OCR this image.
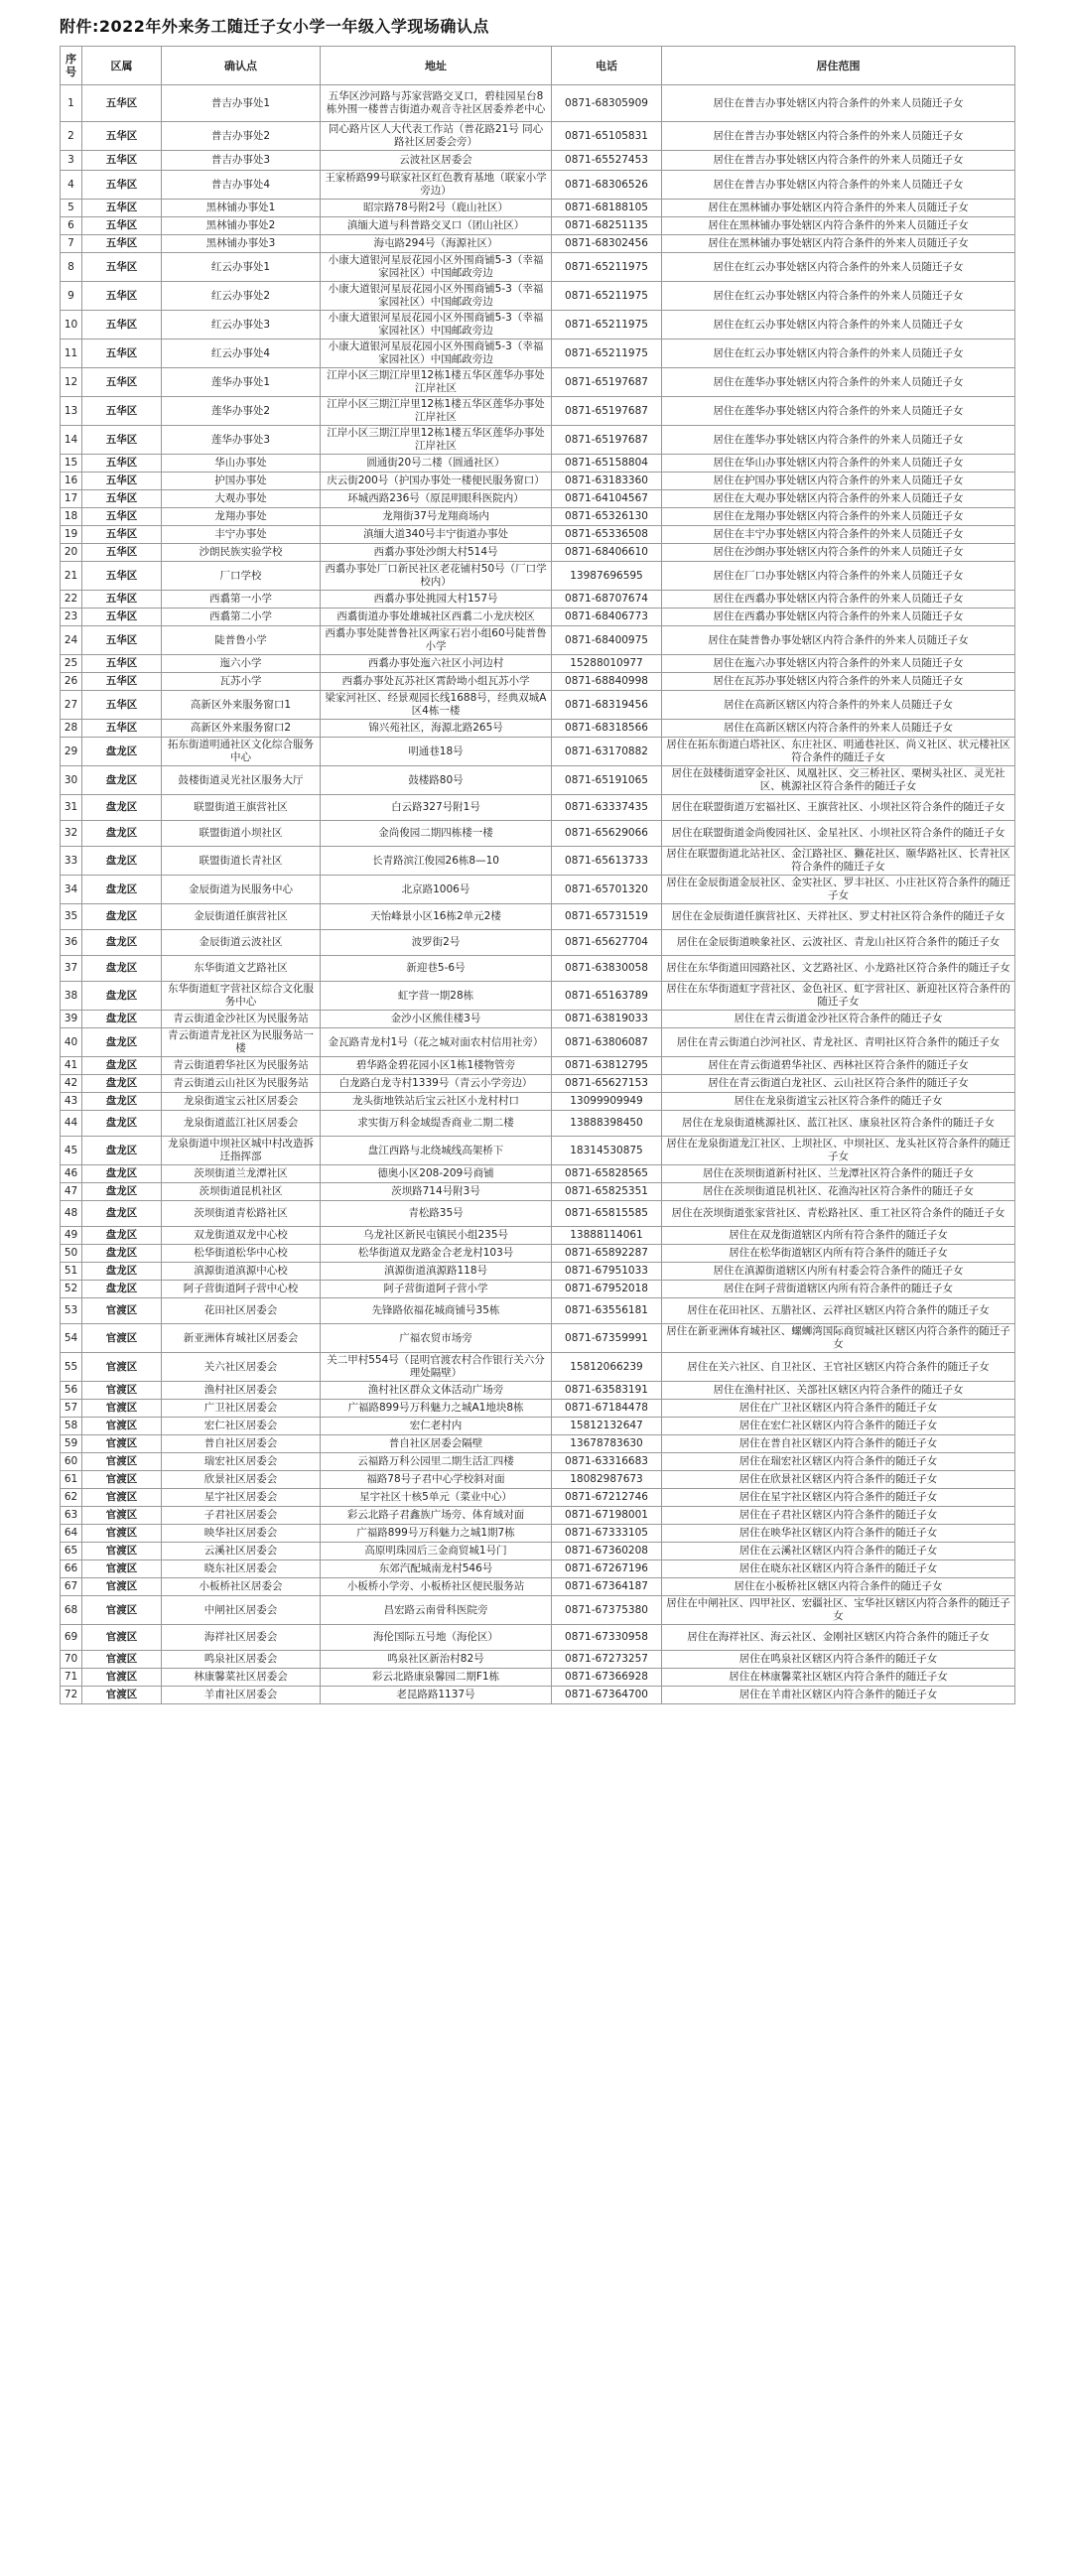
附件:2022年外来务工随迁子女小学一年级入学现场确认点
序号	区属	确认点	地址	电话	居住范围
1	五华区	普吉办事处1	五华区沙河路与苏家营路交叉口，碧桂园星台8栋外围一楼普吉街道办观音寺社区居委养老中心	0871-68305909	居住在普吉办事处辖区内符合条件的外来人员随迁子女
2	五华区	普吉办事处2	同心路片区人大代表工作站（普花路21号 同心路社区居委会旁）	0871-65105831	居住在普吉办事处辖区内符合条件的外来人员随迁子女
3	五华区	普吉办事处3	云波社区居委会	0871-65527453	居住在普吉办事处辖区内符合条件的外来人员随迁子女
4	五华区	普吉办事处4	王家桥路99号联家社区红色教育基地（联家小学旁边）	0871-68306526	居住在普吉办事处辖区内符合条件的外来人员随迁子女
5	五华区	黑林铺办事处1	昭宗路78号附2号（鹿山社区）	0871-68188105	居住在黑林铺办事处辖区内符合条件的外来人员随迁子女
6	五华区	黑林铺办事处2	滇缅大道与科普路交叉口（团山社区）	0871-68251135	居住在黑林铺办事处辖区内符合条件的外来人员随迁子女
7	五华区	黑林铺办事处3	海屯路294号（海源社区）	0871-68302456	居住在黑林铺办事处辖区内符合条件的外来人员随迁子女
8	五华区	红云办事处1	小康大道银河星辰花园小区外围商铺5-3（幸福家园社区）中国邮政旁边	0871-65211975	居住在红云办事处辖区内符合条件的外来人员随迁子女
9	五华区	红云办事处2	小康大道银河星辰花园小区外围商铺5-3（幸福家园社区）中国邮政旁边	0871-65211975	居住在红云办事处辖区内符合条件的外来人员随迁子女
10	五华区	红云办事处3	小康大道银河星辰花园小区外围商铺5-3（幸福家园社区）中国邮政旁边	0871-65211975	居住在红云办事处辖区内符合条件的外来人员随迁子女
11	五华区	红云办事处4	小康大道银河星辰花园小区外围商铺5-3（幸福家园社区）中国邮政旁边	0871-65211975	居住在红云办事处辖区内符合条件的外来人员随迁子女
12	五华区	莲华办事处1	江岸小区三期江岸里12栋1楼五华区莲华办事处江岸社区	0871-65197687	居住在莲华办事处辖区内符合条件的外来人员随迁子女
13	五华区	莲华办事处2	江岸小区三期江岸里12栋1楼五华区莲华办事处江岸社区	0871-65197687	居住在莲华办事处辖区内符合条件的外来人员随迁子女
14	五华区	莲华办事处3	江岸小区三期江岸里12栋1楼五华区莲华办事处江岸社区	0871-65197687	居住在莲华办事处辖区内符合条件的外来人员随迁子女
15	五华区	华山办事处	圆通街20号二楼（圆通社区）	0871-65158804	居住在华山办事处辖区内符合条件的外来人员随迁子女
16	五华区	护国办事处	庆云街200号（护国办事处一楼便民服务窗口）	0871-63183360	居住在护国办事处辖区内符合条件的外来人员随迁子女
17	五华区	大观办事处	环城西路236号（原昆明眼科医院内）	0871-64104567	居住在大观办事处辖区内符合条件的外来人员随迁子女
18	五华区	龙翔办事处	龙翔街37号龙翔商场内	0871-65326130	居住在龙翔办事处辖区内符合条件的外来人员随迁子女
19	五华区	丰宁办事处	滇缅大道340号丰宁街道办事处	0871-65336508	居住在丰宁办事处辖区内符合条件的外来人员随迁子女
20	五华区	沙朗民族实验学校	西翥办事处沙朗大村514号	0871-68406610	居住在沙朗办事处辖区内符合条件的外来人员随迁子女
21	五华区	厂口学校	西翥办事处厂口新民社区老花铺村50号（厂口学校内）	13987696595	居住在厂口办事处辖区内符合条件的外来人员随迁子女
22	五华区	西翥第一小学	西翥办事处挑园大村157号	0871-68707674	居住在西翥办事处辖区内符合条件的外来人员随迁子女
23	五华区	西翥第二小学	西翥街道办事处雄城社区西翥二小龙庆校区	0871-68406773	居住在西翥办事处辖区内符合条件的外来人员随迁子女
24	五华区	陡普鲁小学	西翥办事处陡普鲁社区两家石岩小组60号陡普鲁小学	0871-68400975	居住在陡普鲁办事处辖区内符合条件的外来人员随迁子女
25	五华区	迤六小学	西翥办事处迤六社区小河边村	15288010977	居住在迤六办事处辖区内符合条件的外来人员随迁子女
26	五华区	瓦苏小学	西翥办事处瓦苏社区霄龄坳小组瓦苏小学	0871-68840998	居住在瓦苏办事处辖区内符合条件的外来人员随迁子女
27	五华区	高新区外来服务窗口1	梁家河社区、经景观园长线1688号，经典双城A区4栋一楼	0871-68319456	居住在高新区辖区内符合条件的外来人员随迁子女
28	五华区	高新区外来服务窗口2	锦兴苑社区，海源北路265号	0871-68318566	居住在高新区辖区内符合条件的外来人员随迁子女
29	盘龙区	拓东街道明通社区文化综合服务中心	明通巷18号	0871-63170882	居住在拓东街道白塔社区、东庄社区、明通巷社区、尚义社区、状元楼社区符合条件的随迁子女
30	盘龙区	鼓楼街道灵光社区服务大厅	鼓楼路80号	0871-65191065	居住在鼓楼街道穿金社区、凤凰社区、交三桥社区、栗树头社区、灵光社区、桃源社区符合条件的随迁子女
31	盘龙区	联盟街道王旗营社区	白云路327号附1号	0871-63337435	居住在联盟街道万宏福社区、王旗营社区、小坝社区符合条件的随迁子女
32	盘龙区	联盟街道小坝社区	金尚俊园二期四栋楼一楼	0871-65629066	居住在联盟街道金尚俊园社区、金星社区、小坝社区符合条件的随迁子女
33	盘龙区	联盟街道长青社区	长青路滨江俊园26栋8—10	0871-65613733	居住在联盟街道北站社区、金江路社区、獭花社区、颐华路社区、长青社区符合条件的随迁子女
34	盘龙区	金辰街道为民服务中心	北京路1006号	0871-65701320	居住在金辰街道金辰社区、金实社区、罗丰社区、小庄社区符合条件的随迁子女
35	盘龙区	金辰街道任旗营社区	天怡峰景小区16栋2单元2楼	0871-65731519	居住在金辰街道任旗营社区、天祥社区、罗丈村社区符合条件的随迁子女
36	盘龙区	金辰街道云波社区	波罗街2号	0871-65627704	居住在金辰街道映象社区、云波社区、青龙山社区符合条件的随迁子女
37	盘龙区	东华街道文艺路社区	新迎巷5-6号	0871-63830058	居住在东华街道田园路社区、文艺路社区、小龙路社区符合条件的随迁子女
38	盘龙区	东华街道虹字营社区综合文化服务中心	虹字营一期28栋	0871-65163789	居住在东华街道虹字营社区、金色社区、虹字营社区、新迎社区符合条件的随迁子女
39	盘龙区	青云街道金沙社区为民服务站	金沙小区熊佳楼3号	0871-63819033	居住在青云街道金沙社区符合条件的随迁子女
40	盘龙区	青云街道青龙社区为民服务站一楼	金瓦路青龙村1号（花之城对面农村信用社旁）	0871-63806087	居住在青云街道白沙河社区、青龙社区、青明社区符合条件的随迁子女
41	盘龙区	青云街道碧华社区为民服务站	碧华路金碧花园小区1栋1楼物管旁	0871-63812795	居住在青云街道碧华社区、西林社区符合条件的随迁子女
42	盘龙区	青云街道云山社区为民服务站	白龙路白龙寺村1339号（青云小学旁边）	0871-65627153	居住在青云街道白龙社区、云山社区符合条件的随迁子女
43	盘龙区	龙泉街道宝云社区居委会	龙头街地铁站后宝云社区小龙村村口	13099909949	居住在龙泉街道宝云社区符合条件的随迁子女
44	盘龙区	龙泉街道蓝江社区居委会	求实街万科金域缇香商业二期二楼	13888398450	居住在龙泉街道桃源社区、蓝江社区、康泉社区符合条件的随迁子女
45	盘龙区	龙泉街道中坝社区城中村改造拆迁指挥部	盘江西路与北绕城线高架桥下	18314530875	居住在龙泉街道龙江社区、上坝社区、中坝社区、龙头社区符合条件的随迁子女
46	盘龙区	茨坝街道兰龙潭社区	德奥小区208-209号商铺	0871-65828565	居住在茨坝街道新村社区、兰龙潭社区符合条件的随迁子女
47	盘龙区	茨坝街道昆机社区	茨坝路714号附3号	0871-65825351	居住在茨坝街道昆机社区、花渔沟社区符合条件的随迁子女
48	盘龙区	茨坝街道青松路社区	青松路35号	0871-65815585	居住在茨坝街道张家营社区、青松路社区、重工社区符合条件的随迁子女
49	盘龙区	双龙街道双龙中心校	乌龙社区新民屯镇民小组235号	13888114061	居住在双龙街道辖区内所有符合条件的随迁子女
50	盘龙区	松华街道松华中心校	松华街道双龙路金合老龙村103号	0871-65892287	居住在松华街道辖区内所有符合条件的随迁子女
51	盘龙区	滇源街道滇源中心校	滇源街道滇源路118号	0871-67951033	居住在滇源街道辖区内所有村委会符合条件的随迁子女
52	盘龙区	阿子营街道阿子营中心校	阿子营街道阿子营小学	0871-67952018	居住在阿子营街道辖区内所有符合条件的随迁子女
53	官渡区	花田社区居委会	先锋路依福花城商铺号35栋	0871-63556181	居住在花田社区、五腊社区、云祥社区辖区内符合条件的随迁子女
54	官渡区	新亚洲体育城社区居委会	广福农贸市场旁	0871-67359991	居住在新亚洲体育城社区、螺蛳湾国际商贸城社区辖区内符合条件的随迁子女
55	官渡区	关六社区居委会	关二甲村554号（昆明官渡农村合作银行关六分理处隔壁）	15812066239	居住在关六社区、自卫社区、王官社区辖区内符合条件的随迁子女
56	官渡区	渔村社区居委会	渔村社区群众文体活动广场旁	0871-63583191	居住在渔村社区、关部社区辖区内符合条件的随迁子女
57	官渡区	广卫社区居委会	广福路899号万科魅力之城A1地块8栋	0871-67184478	居住在广卫社区辖区内符合条件的随迁子女
58	官渡区	宏仁社区居委会	宏仁老村内	15812132647	居住在宏仁社区辖区内符合条件的随迁子女
59	官渡区	普自社区居委会	普自社区居委会隔壁	13678783630	居住在普自社区辖区内符合条件的随迁子女
60	官渡区	瑞宏社区居委会	云福路万科公园里二期生活汇四楼	0871-63316683	居住在瑞宏社区辖区内符合条件的随迁子女
61	官渡区	欣景社区居委会	福路78号子君中心学校斜对面	18082987673	居住在欣景社区辖区内符合条件的随迁子女
62	官渡区	星宇社区居委会	星宇社区十核5单元（菜业中心）	0871-67212746	居住在星宇社区辖区内符合条件的随迁子女
63	官渡区	子君社区居委会	彩云北路子君鑫族广场旁、体育域对面	0871-67198001	居住在子君社区辖区内符合条件的随迁子女
64	官渡区	映华社区居委会	广福路899号万科魅力之城1期7栋	0871-67333105	居住在映华社区辖区内符合条件的随迁子女
65	官渡区	云溪社区居委会	高原明珠园后三金商贸城1号门	0871-67360208	居住在云溪社区辖区内符合条件的随迁子女
66	官渡区	晓东社区居委会	东郊汽配城南龙村546号	0871-67267196	居住在晓东社区辖区内符合条件的随迁子女
67	官渡区	小板桥社区居委会	小板桥小学旁、小板桥社区便民服务站	0871-67364187	居住在小板桥社区辖区内符合条件的随迁子女
68	官渡区	中闸社区居委会	昌宏路云南骨科医院旁	0871-67375380	居住在中闸社区、四甲社区、宏疆社区、宝华社区辖区内符合条件的随迁子女
69	官渡区	海祥社区居委会	海伦国际五号地（海伦区）	0871-67330958	居住在海祥社区、海云社区、金刚社区辖区内符合条件的随迁子女
70	官渡区	鸣泉社区居委会	鸣泉社区新治村82号	0871-67273257	居住在鸣泉社区辖区内符合条件的随迁子女
71	官渡区	林康馨菜社区居委会	彩云北路康泉馨园二期F1栋	0871-67366928	居住在林康馨菜社区辖区内符合条件的随迁子女
72	官渡区	羊甫社区居委会	老昆路路1137号	0871-67364700	居住在羊甫社区辖区内符合条件的随迁子女
